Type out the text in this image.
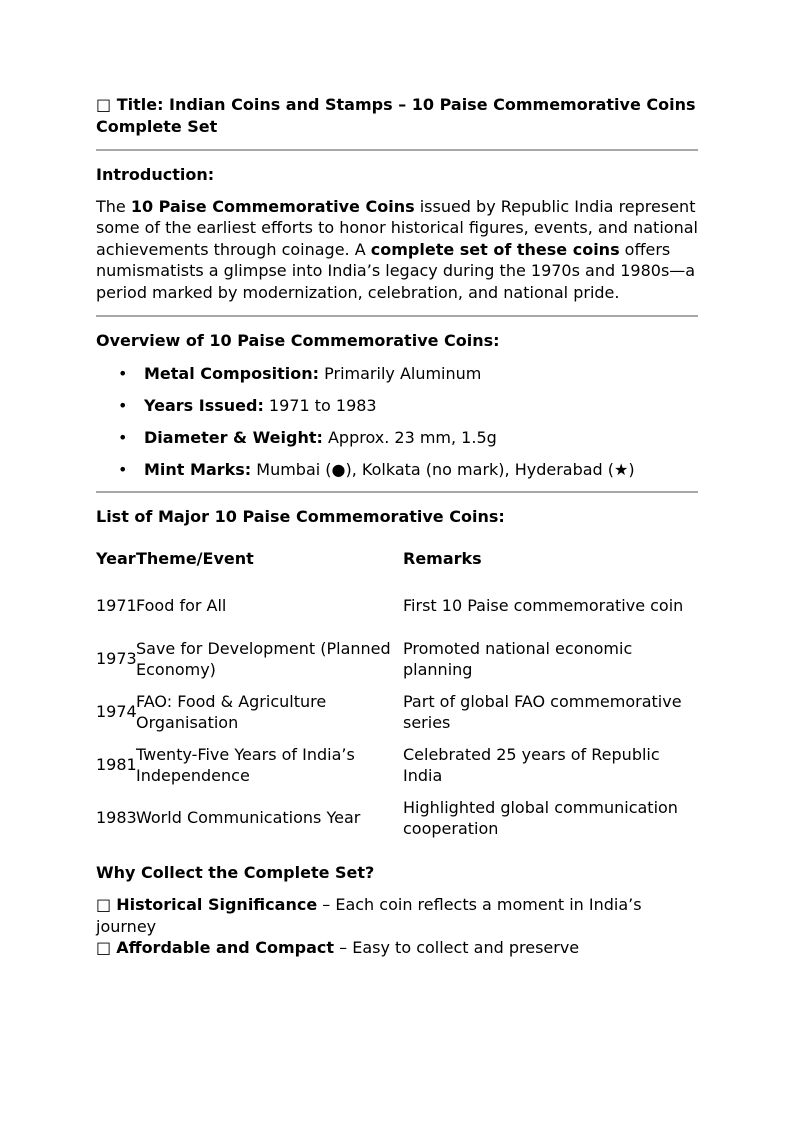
□ Title: Indian Coins and Stamps – 10 Paise Commemorative Coins Complete Set

Introduction:

The 10 Paise Commemorative Coins issued by Republic India represent some of the earliest efforts to honor historical figures, events, and national achievements through coinage. A complete set of these coins offers numismatists a glimpse into India’s legacy during the 1970s and 1980s—a period marked by modernization, celebration, and national pride.

Overview of 10 Paise Commemorative Coins:

• Metal Composition: Primarily Aluminum
• Years Issued: 1971 to 1983
• Diameter & Weight: Approx. 23 mm, 1.5g
• Mint Marks: Mumbai (●), Kolkata (no mark), Hyderabad (★)

List of Major 10 Paise Commemorative Coins:

Year	Theme/Event	Remarks
1971	Food for All	First 10 Paise commemorative coin
1973	Save for Development (Planned Economy)	Promoted national economic planning
1974	FAO: Food & Agriculture Organisation	Part of global FAO commemorative series
1981	Twenty-Five Years of India’s Independence	Celebrated 25 years of Republic India
1983	World Communications Year	Highlighted global communication cooperation

Why Collect the Complete Set?

□ Historical Significance – Each coin reflects a moment in India’s journey

□ Affordable and Compact – Easy to collect and preserve
